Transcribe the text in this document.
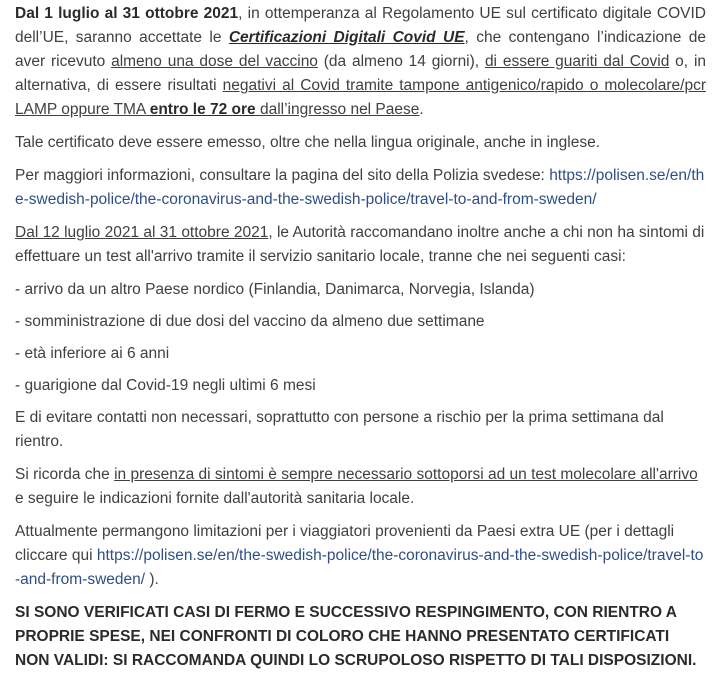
Dal 1 luglio al 31 ottobre 2021, in ottemperanza al Regolamento UE sul certificato digitale COVID dell’UE, saranno accettate le Certificazioni Digitali Covid UE, che contengano l’indicazione de aver ricevuto almeno una dose del vaccino (da almeno 14 giorni), di essere guariti dal Covid o, in alternativa, di essere risultati negativi al Covid tramite tampone antigenico/rapido o molecolare/pcr LAMP oppure TMA entro le 72 ore dall’ingresso nel Paese.

Tale certificato deve essere emesso, oltre che nella lingua originale, anche in inglese.

Per maggiori informazioni, consultare la pagina del sito della Polizia svedese: https://polisen.se/en/the-swedish-police/the-coronavirus-and-the-swedish-police/travel-to-and-from-sweden/

Dal 12 luglio 2021 al 31 ottobre 2021, le Autorità raccomandano inoltre anche a chi non ha sintomi di effettuare un test all'arrivo tramite il servizio sanitario locale, tranne che nei seguenti casi:

- arrivo da un altro Paese nordico (Finlandia, Danimarca, Norvegia, Islanda)

- somministrazione di due dosi del vaccino da almeno due settimane

- età inferiore ai 6 anni

- guarigione dal Covid-19 negli ultimi 6 mesi

E di evitare contatti non necessari, soprattutto con persone a rischio per la prima settimana dal rientro.

Si ricorda che in presenza di sintomi è sempre necessario sottoporsi ad un test molecolare all'arrivo e seguire le indicazioni fornite dall'autorità sanitaria locale.

Attualmente permangono limitazioni per i viaggiatori provenienti da Paesi extra UE (per i dettagli cliccare qui https://polisen.se/en/the-swedish-police/the-coronavirus-and-the-swedish-police/travel-to-and-from-sweden/ ).

SI SONO VERIFICATI CASI DI FERMO E SUCCESSIVO RESPINGIMENTO, CON RIENTRO A PROPRIE SPESE, NEI CONFRONTI DI COLORO CHE HANNO PRESENTATO CERTIFICATI NON VALIDI: SI RACCOMANDA QUINDI LO SCRUPOLOSO RISPETTO DI TALI DISPOSIZIONI.
